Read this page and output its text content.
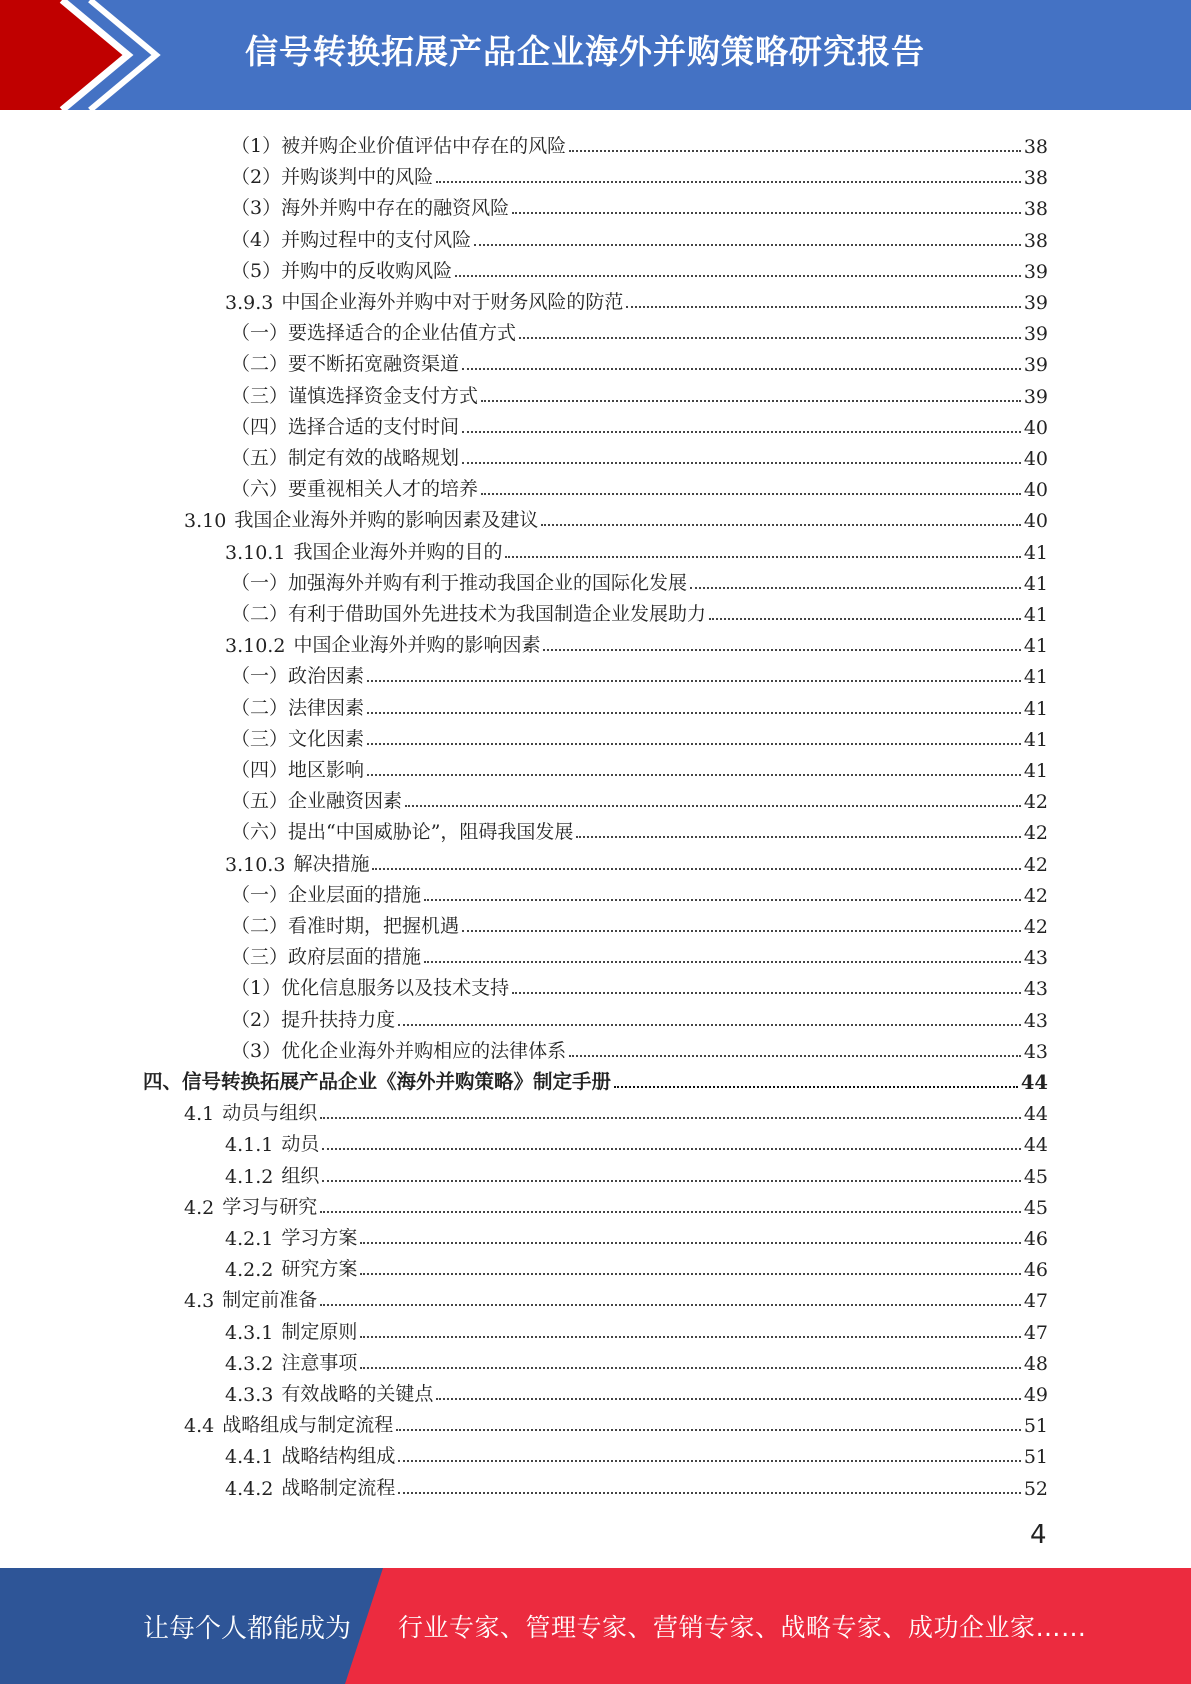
信号转换拓展产品企业海外并购策略研究报告
（1）被并购企业价值评估中存在的风险	38
（2）并购谈判中的风险	38
（3）海外并购中存在的融资风险	38
（4）并购过程中的支付风险	38
（5）并购中的反收购风险	39
3.9.3 中国企业海外并购中对于财务风险的防范	39
（一）要选择适合的企业估值方式	39
（二）要不断拓宽融资渠道	39
（三）谨慎选择资金支付方式	39
（四）选择合适的支付时间	40
（五）制定有效的战略规划	40
（六）要重视相关人才的培养	40
3.10 我国企业海外并购的影响因素及建议	40
3.10.1 我国企业海外并购的目的	41
（一）加强海外并购有利于推动我国企业的国际化发展	41
（二）有利于借助国外先进技术为我国制造企业发展助力	41
3.10.2 中国企业海外并购的影响因素	41
（一）政治因素	41
（二）法律因素	41
（三）文化因素	41
（四）地区影响	41
（五）企业融资因素	42
（六）提出“中国威胁论”，阻碍我国发展	42
3.10.3 解决措施	42
（一）企业层面的措施	42
（二）看准时期，把握机遇	42
（三）政府层面的措施	43
（1）优化信息服务以及技术支持	43
（2）提升扶持力度	43
（3）优化企业海外并购相应的法律体系	43
四、信号转换拓展产品企业《海外并购策略》制定手册	44
4.1 动员与组织	44
4.1.1 动员	44
4.1.2 组织	45
4.2 学习与研究	45
4.2.1 学习方案	46
4.2.2 研究方案	46
4.3 制定前准备	47
4.3.1 制定原则	47
4.3.2 注意事项	48
4.3.3 有效战略的关键点	49
4.4 战略组成与制定流程	51
4.4.1 战略结构组成	51
4.4.2 战略制定流程	52
4
让每个人都能成为 行业专家、管理专家、营销专家、战略专家、成功企业家……
